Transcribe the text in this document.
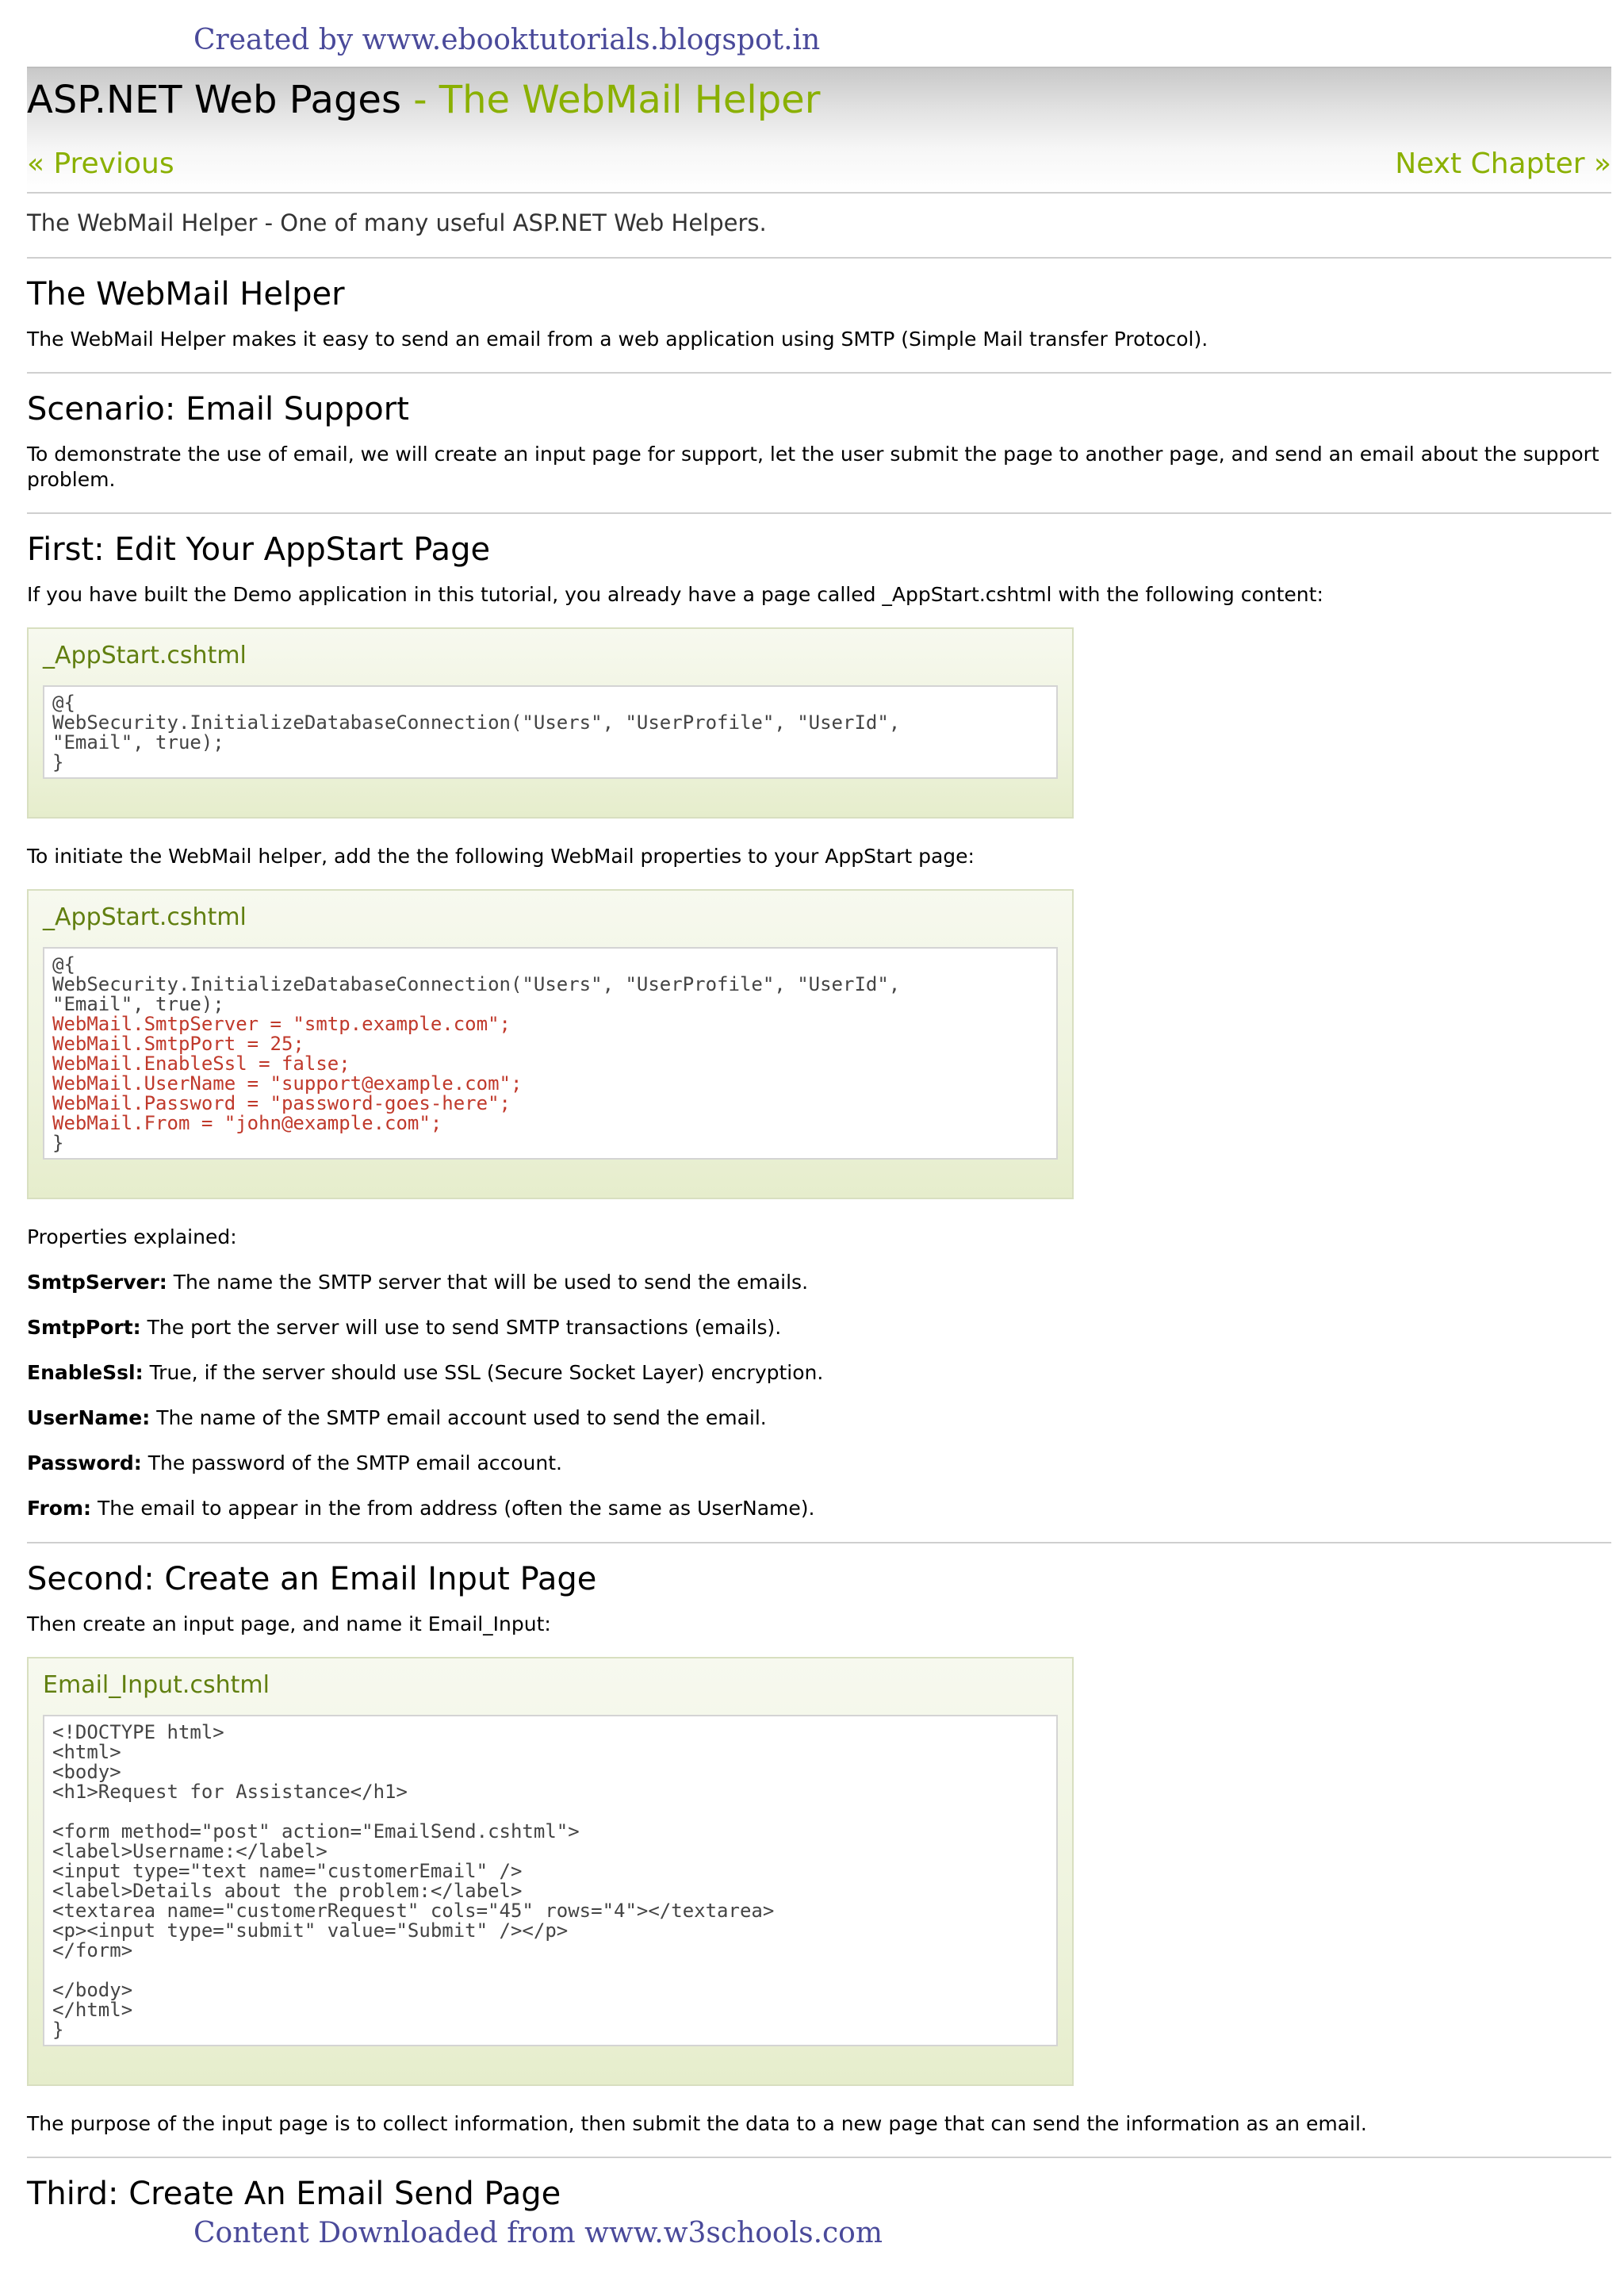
Created by www.ebooktutorials.blogspot.in
ASP.NET Web Pages - The WebMail Helper
« Previous	Next Chapter »
The WebMail Helper - One of many useful ASP.NET Web Helpers.
The WebMail Helper

The WebMail Helper makes it easy to send an email from a web application using SMTP (Simple Mail transfer Protocol).

Scenario: Email Support

To demonstrate the use of email, we will create an input page for support, let the user submit the page to another page, and send an email about the support problem.

First: Edit Your AppStart Page

If you have built the Demo application in this tutorial, you already have a page called _AppStart.cshtml with the following content:

_AppStart.cshtml
@{
WebSecurity.InitializeDatabaseConnection("Users", "UserProfile", "UserId",
"Email", true);
}

To initiate the WebMail helper, add the the following WebMail properties to your AppStart page:

_AppStart.cshtml
@{
WebSecurity.InitializeDatabaseConnection("Users", "UserProfile", "UserId",
"Email", true);
WebMail.SmtpServer = "smtp.example.com";
WebMail.SmtpPort = 25;
WebMail.EnableSsl = false;
WebMail.UserName = "support@example.com";
WebMail.Password = "password-goes-here";
WebMail.From = "john@example.com";
}

Properties explained:

SmtpServer: The name the SMTP server that will be used to send the emails.
SmtpPort: The port the server will use to send SMTP transactions (emails).
EnableSsl: True, if the server should use SSL (Secure Socket Layer) encryption.
UserName: The name of the SMTP email account used to send the email.
Password: The password of the SMTP email account.
From: The email to appear in the from address (often the same as UserName).
Second: Create an Email Input Page

Then create an input page, and name it Email_Input:

Email_Input.cshtml
<!DOCTYPE html>
<html>
<body>
<h1>Request for Assistance</h1>

<form method="post" action="EmailSend.cshtml">
<label>Username:</label>
<input type="text name="customerEmail" />
<label>Details about the problem:</label>
<textarea name="customerRequest" cols="45" rows="4"></textarea>
<p><input type="submit" value="Submit" /></p>
</form>

</body>
</html>
}

The purpose of the input page is to collect information, then submit the data to a new page that can send the information as an email.

Third: Create An Email Send Page
Content Downloaded from www.w3schools.com
